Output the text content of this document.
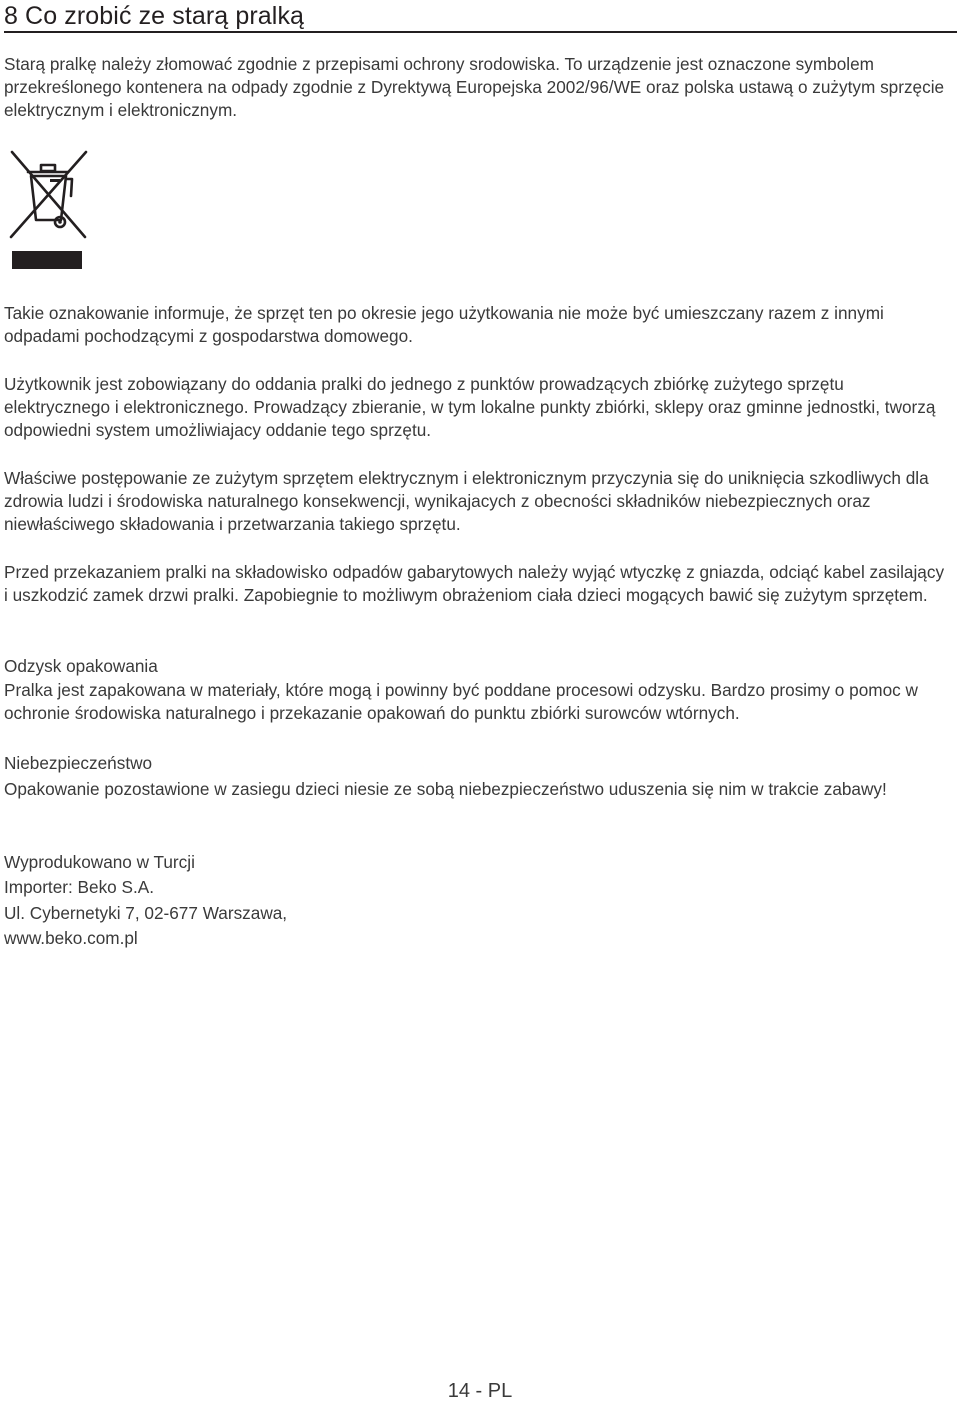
8 Co zrobić ze starą pralką

Starą pralkę należy złomować zgodnie z przepisami ochrony srodowiska. To urządzenie jest oznaczone symbolem przekreślonego kontenera na odpady zgodnie z Dyrektywą Europejska 2002/96/WE oraz polska ustawą o zużytym sprzęcie elektrycznym i elektronicznym.

Takie oznakowanie informuje, że sprzęt ten po okresie jego użytkowania nie może być umieszczany razem z innymi odpadami pochodzącymi z gospodarstwa domowego.

Użytkownik jest zobowiązany do oddania pralki do jednego z punktów prowadzących zbiórkę zużytego sprzętu elektrycznego i elektronicznego. Prowadzący zbieranie, w tym lokalne punkty zbiórki, sklepy oraz gminne jednostki, tworzą odpowiedni system umożliwiajacy oddanie tego sprzętu.

Właściwe postępowanie ze zużytym sprzętem elektrycznym i elektronicznym przyczynia się do uniknięcia szkodliwych dla zdrowia ludzi i środowiska naturalnego konsekwencji, wynikajacych z obecności składników niebezpiecznych oraz niewłaściwego składowania i przetwarzania takiego sprzętu.

Przed przekazaniem pralki na składowisko odpadów gabarytowych należy wyjąć wtyczkę z gniazda, odciąć kabel zasilający i uszkodzić zamek drzwi pralki. Zapobiegnie to możliwym obrażeniom ciała dzieci mogących bawić się zużytym sprzętem.

Odzysk opakowania

Pralka jest zapakowana w materiały, które mogą i powinny być poddane procesowi odzysku. Bardzo prosimy o pomoc w ochronie środowiska naturalnego i przekazanie opakowań do punktu zbiórki surowców wtórnych.

Niebezpieczeństwo

Opakowanie pozostawione w zasiegu dzieci niesie ze sobą niebezpieczeństwo uduszenia się nim w trakcie zabawy!

Wyprodukowano w Turcji

Importer: Beko S.A.

Ul. Cybernetyki 7, 02-677 Warszawa,

www.beko.com.pl

14 - PL
